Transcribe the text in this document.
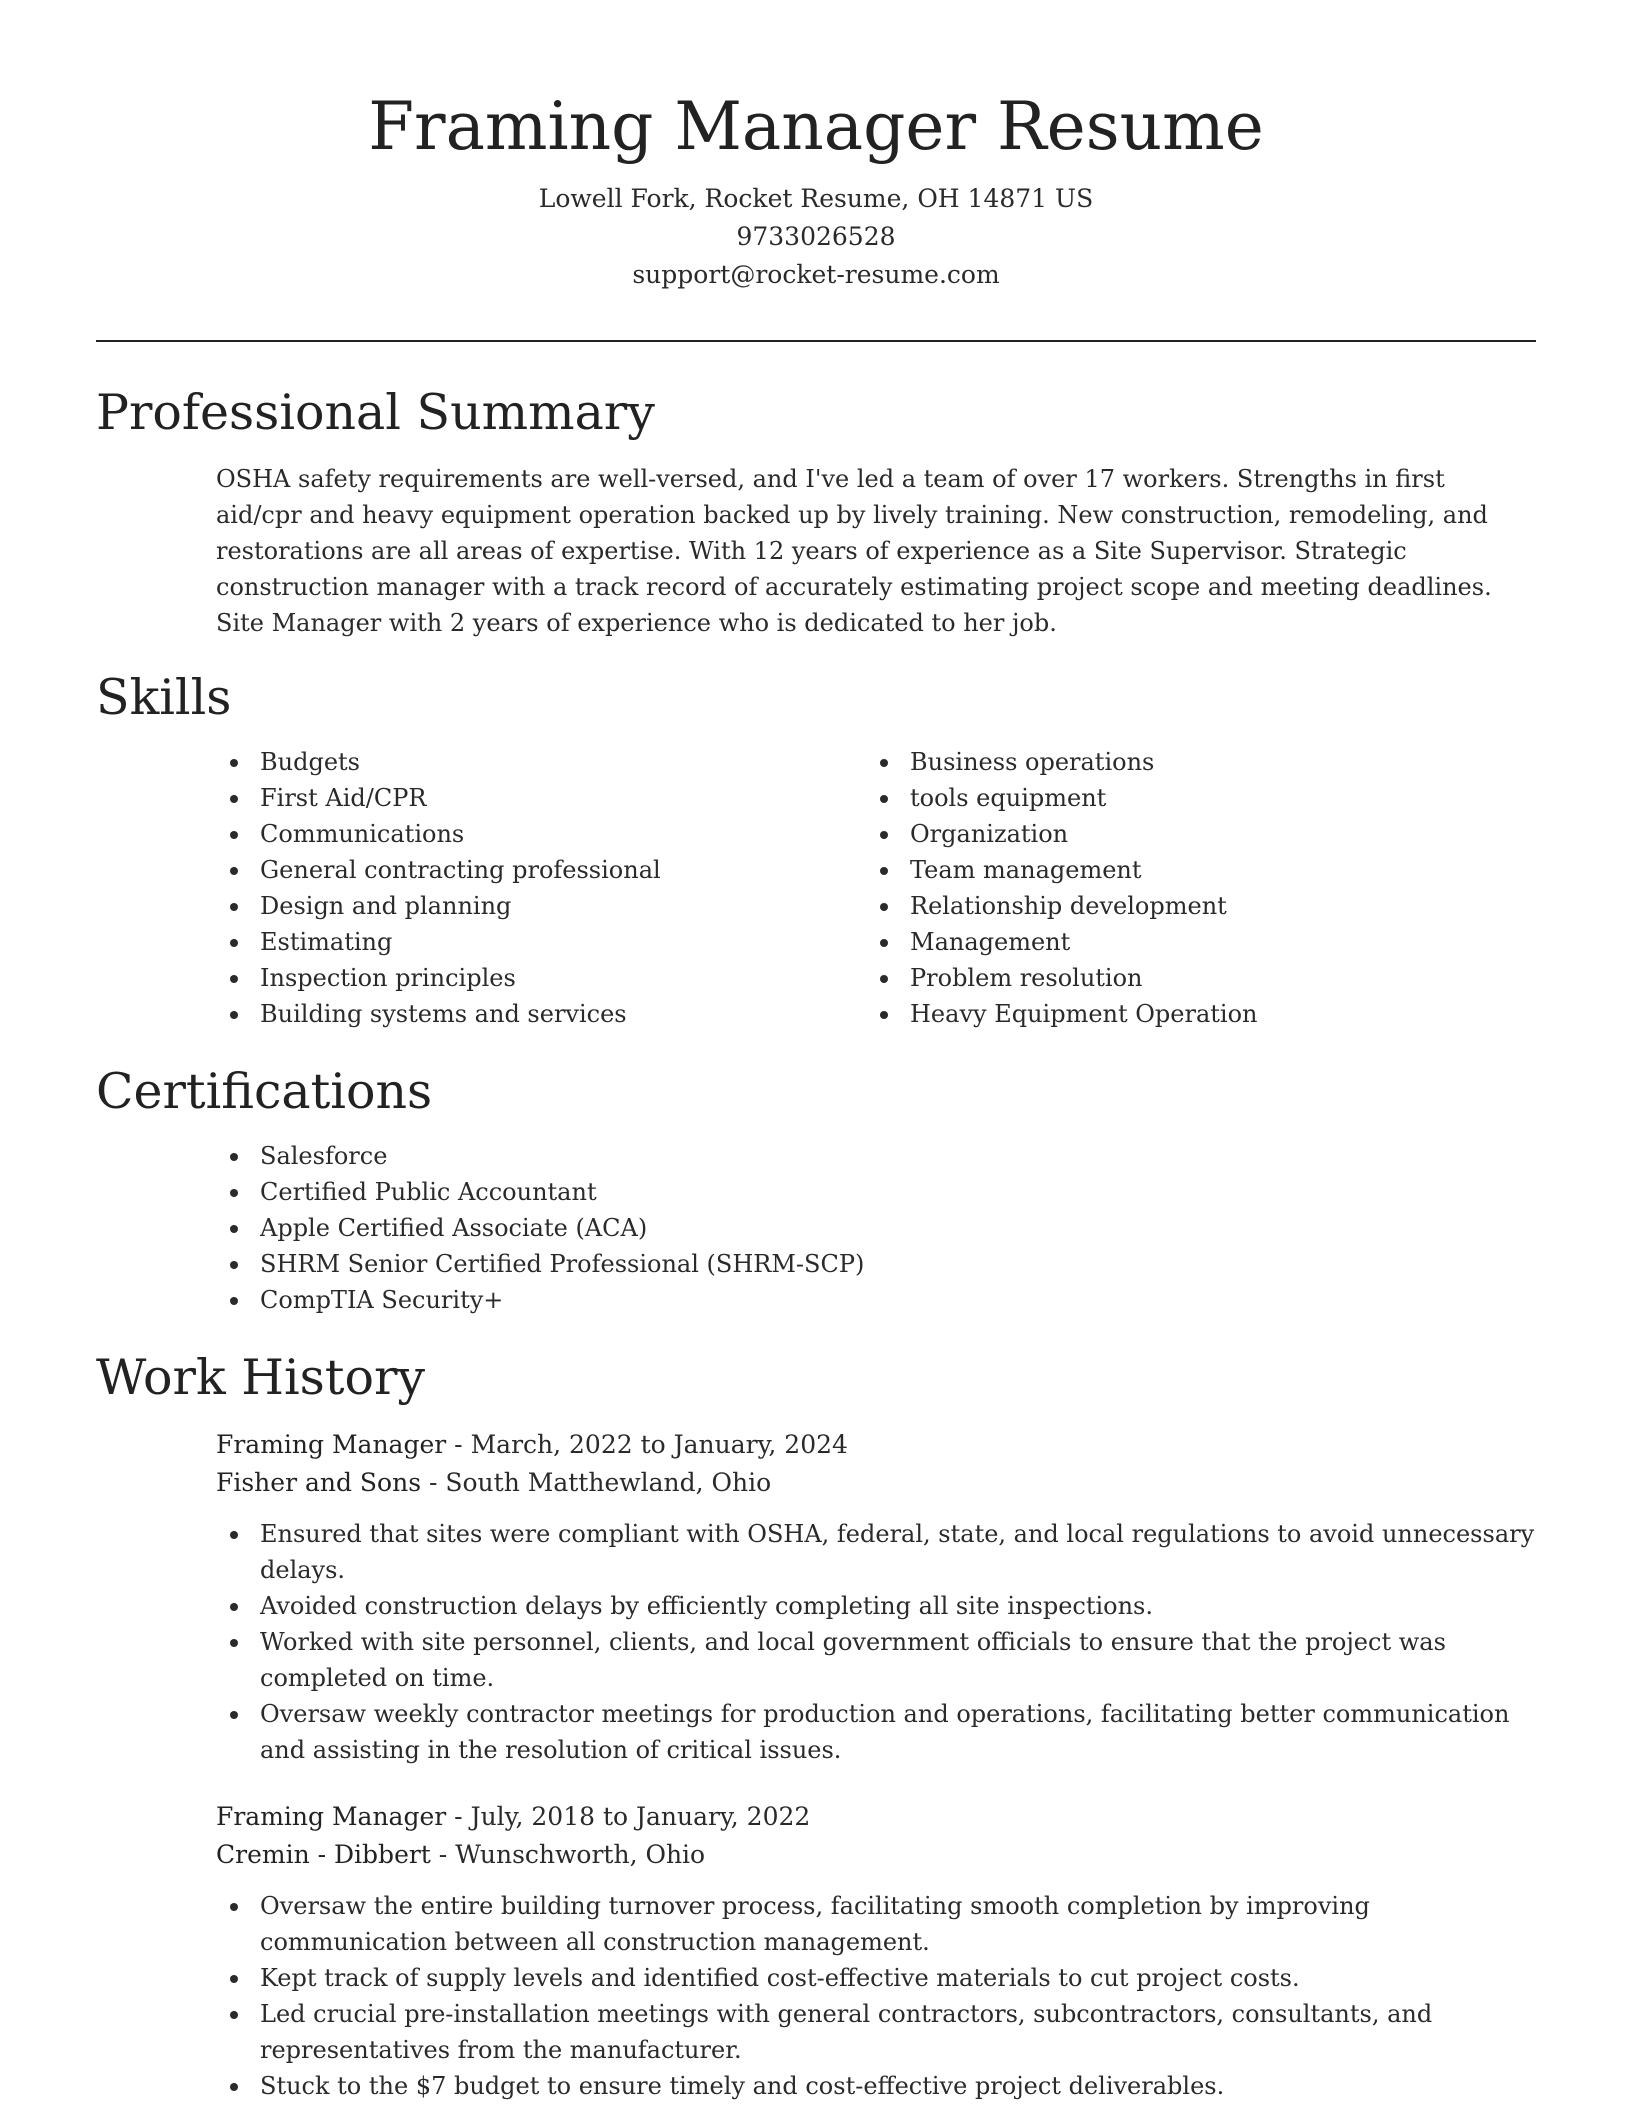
Framing Manager Resume
Lowell Fork, Rocket Resume, OH 14871 US
9733026528
support@rocket-resume.com
Professional Summary
OSHA safety requirements are well-versed, and I've led a team of over 17 workers. Strengths in first aid/cpr and heavy equipment operation backed up by lively training. New construction, remodeling, and restorations are all areas of expertise. With 12 years of experience as a Site Supervisor. Strategic construction manager with a track record of accurately estimating project scope and meeting deadlines. Site Manager with 2 years of experience who is dedicated to her job.
Skills
Budgets
First Aid/CPR
Communications
General contracting professional
Design and planning
Estimating
Inspection principles
Building systems and services
Business operations
tools equipment
Organization
Team management
Relationship development
Management
Problem resolution
Heavy Equipment Operation
Certifications
Salesforce
Certified Public Accountant
Apple Certified Associate (ACA)
SHRM Senior Certified Professional (SHRM-SCP)
CompTIA Security+
Work History
Framing Manager - March, 2022 to January, 2024
Fisher and Sons - South Matthewland, Ohio
Ensured that sites were compliant with OSHA, federal, state, and local regulations to avoid unnecessary delays.
Avoided construction delays by efficiently completing all site inspections.
Worked with site personnel, clients, and local government officials to ensure that the project was completed on time.
Oversaw weekly contractor meetings for production and operations, facilitating better communication and assisting in the resolution of critical issues.
Framing Manager - July, 2018 to January, 2022
Cremin - Dibbert - Wunschworth, Ohio
Oversaw the entire building turnover process, facilitating smooth completion by improving communication between all construction management.
Kept track of supply levels and identified cost-effective materials to cut project costs.
Led crucial pre-installation meetings with general contractors, subcontractors, consultants, and representatives from the manufacturer.
Stuck to the $7 budget to ensure timely and cost-effective project deliverables.
